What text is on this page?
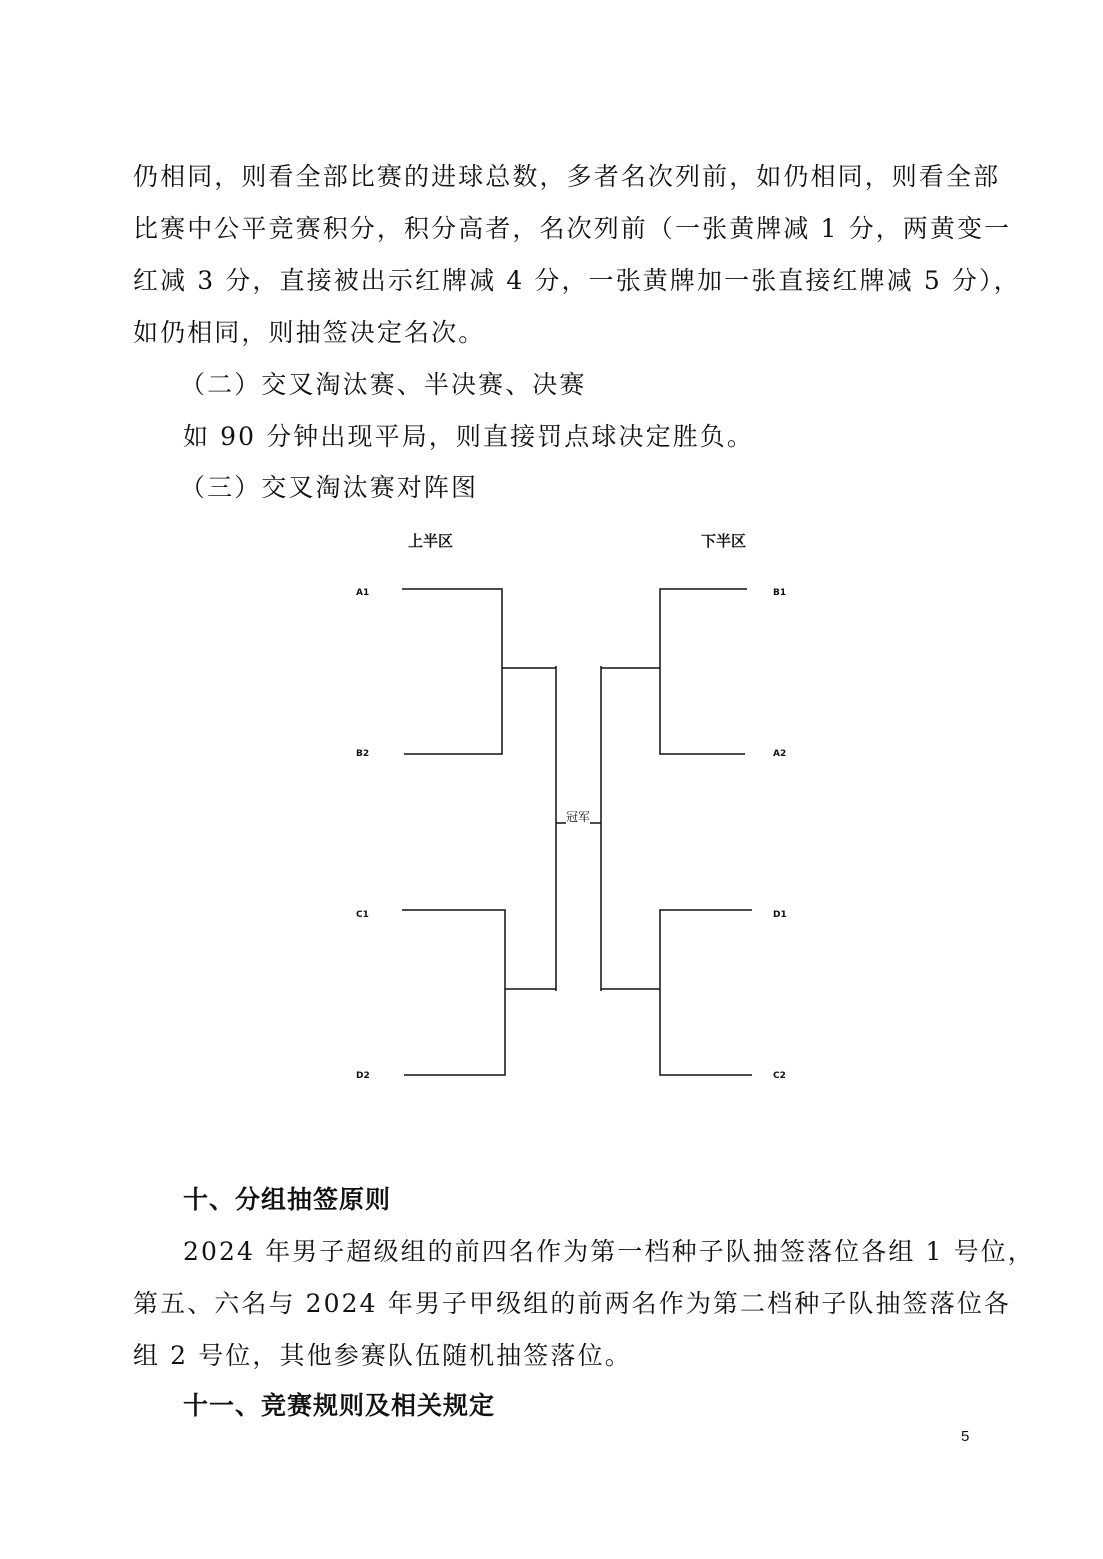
仍相同，则看全部比赛的进球总数，多者名次列前，如仍相同，则看全部
比赛中公平竞赛积分，积分高者，名次列前（一张黄牌减 1 分，两黄变一
红减 3 分，直接被出示红牌减 4 分，一张黄牌加一张直接红牌减 5 分），
如仍相同，则抽签决定名次。
（二）交叉淘汰赛、半决赛、决赛
如 90 分钟出现平局，则直接罚点球决定胜负。
（三）交叉淘汰赛对阵图
上半区	下半区
A1
B2
C1
D2
B1
A2
D1
C2
冠军
十、分组抽签原则
2024 年男子超级组的前四名作为第一档种子队抽签落位各组 1 号位，
第五、六名与 2024 年男子甲级组的前两名作为第二档种子队抽签落位各
组 2 号位，其他参赛队伍随机抽签落位。
十一、竞赛规则及相关规定
5
